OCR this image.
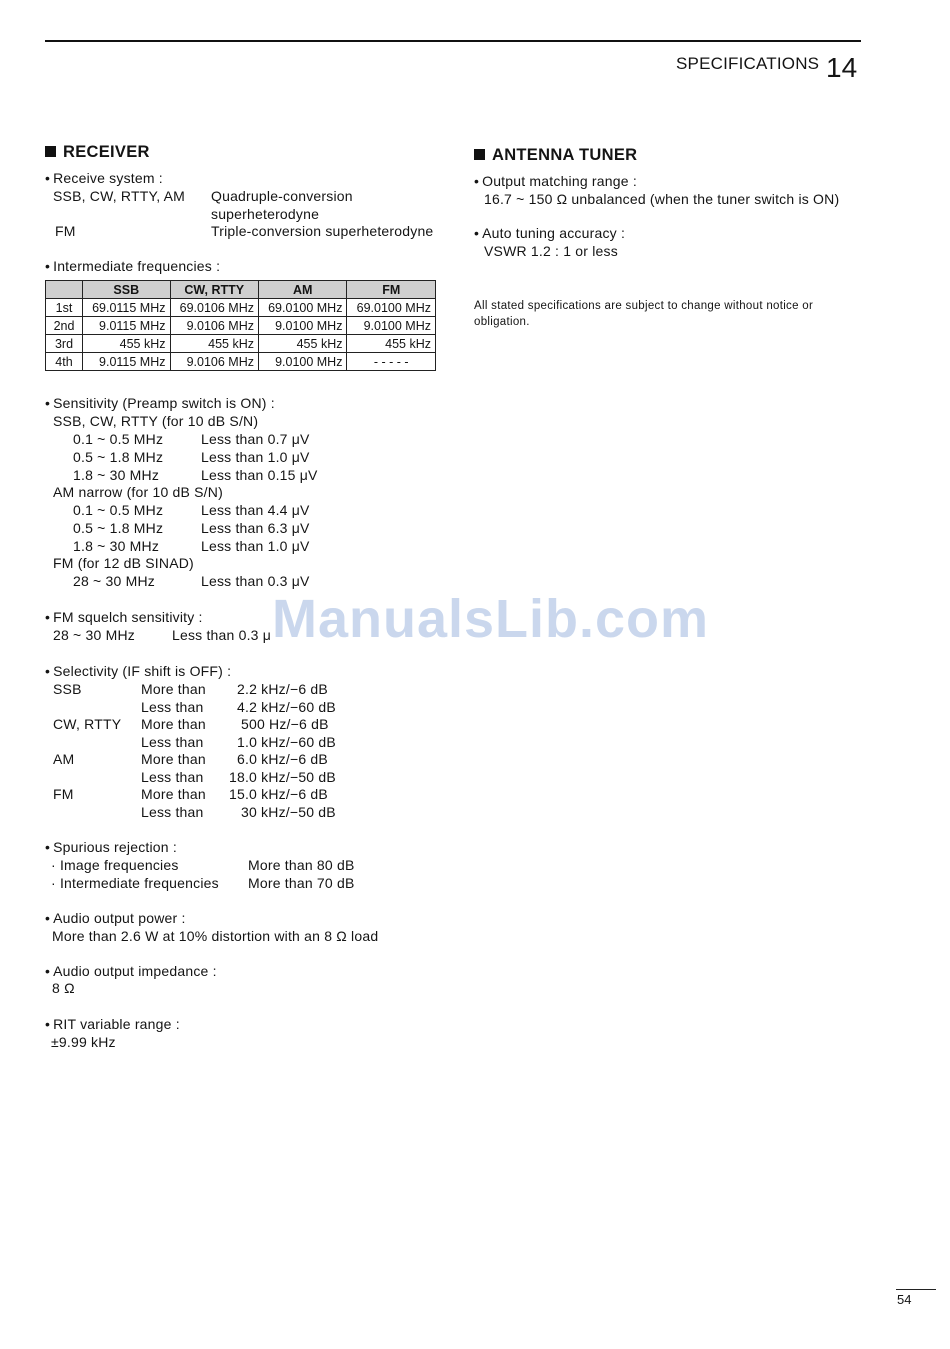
SPECIFICATIONS 14
RECEIVER
• Receive system :
SSB, CW, RTTY, AM Quadruple-conversion
superheterodyne
FM	Triple-conversion superheterodyne
• Intermediate frequencies :
	SSB	CW, RTTY	AM	FM
1st	69.0115 MHz	69.0106 MHz	69.0100 MHz	69.0100 MHz
2nd	9.0115 MHz	9.0106 MHz	9.0100 MHz	9.0100 MHz
3rd	455 kHz	455 kHz	455 kHz	455 kHz
4th	9.0115 MHz	9.0106 MHz	9.0100 MHz	- - - - -
• Sensitivity (Preamp switch is ON) :
SSB, CW, RTTY (for 10 dB S/N)
0.1 ~ 0.5 MHz	Less than 0.7 μV
0.5 ~ 1.8 MHz	Less than 1.0 μV
1.8 ~ 30 MHz	Less than 0.15 μV
AM narrow (for 10 dB S/N)
0.1 ~ 0.5 MHz	Less than 4.4 μV
0.5 ~ 1.8 MHz	Less than 6.3 μV
1.8 ~ 30 MHz	Less than 1.0 μV
FM (for 12 dB SINAD)
28 ~ 30 MHz	Less than 0.3 μV
• FM squelch sensitivity :
28 ~ 30 MHz	Less than 0.3 μ
• Selectivity (IF shift is OFF) :
SSB	More than 2.2 kHz/−6 dB
Less than 4.2 kHz/−60 dB
CW, RTTY More than	500 Hz/−6 dB
Less than 1.0 kHz/−60 dB
AM	More than 6.0 kHz/−6 dB
Less than 18.0 kHz/−50 dB
FM	More than 15.0 kHz/−6 dB
Less than	30 kHz/−50 dB
• Spurious rejection :
· Image frequencies	More than 80 dB
· Intermediate frequencies More than 70 dB
• Audio output power :
More than 2.6 W at 10% distortion with an 8 Ω load
• Audio output impedance :
8 Ω
• RIT variable range :
±9.99 kHz
ANTENNA TUNER
• Output matching range :
16.7 ~ 150 Ω unbalanced (when the tuner switch is ON)
• Auto tuning accuracy :
VSWR 1.2 : 1 or less
All stated specifications are subject to change without notice or obligation.
ManualsLib.com
54
